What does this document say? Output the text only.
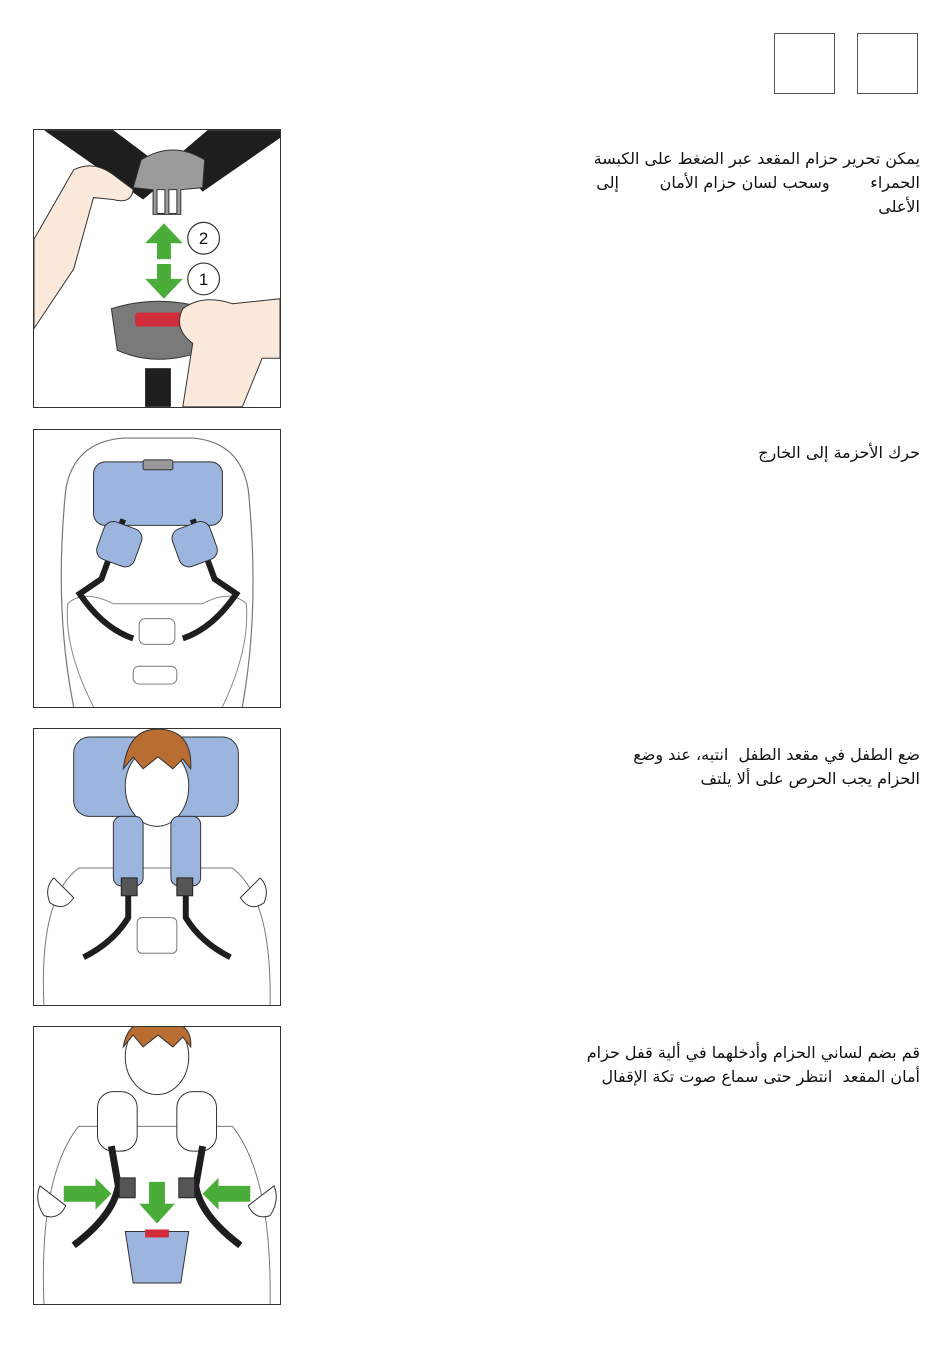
2
1
يمكن تحرير حزام المقعد عبر الضغط على الكبسة
الحمراء        وسحب لسان حزام الأمان        إلى
الأعلى
حرك الأحزمة إلى الخارج
ضع الطفل في مقعد الطفل  انتبه، عند وضع
الحزام يجب الحرص على ألا يلتف
قم بضم لساني الحزام وأدخلهما في ألية قفل حزام
أمان المقعد  انتظر حتى سماع صوت تكة الإقفال
